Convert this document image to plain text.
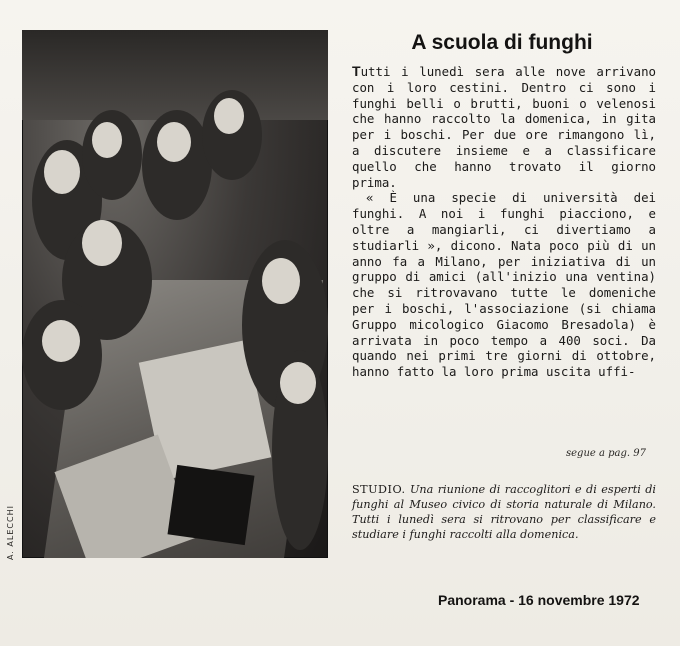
A. ALECCHI
A scuola di funghi

Tutti i lunedì sera alle nove arrivano con i loro cestini. Dentro ci sono i funghi belli o brutti, buoni o velenosi che hanno raccolto la domenica, in gita per i boschi. Per due ore rimangono lì, a discutere insieme e a classificare quello che hanno trovato il giorno prima.

« È una specie di università dei funghi. A noi i funghi piacciono, e oltre a mangiarli, ci divertiamo a studiarli », dicono. Nata poco più di un anno fa a Milano, per iniziativa di un gruppo di amici (all'inizio una ventina) che si ritrovavano tutte le domeniche per i boschi, l'associazione (si chiama Gruppo micologico Giacomo Bresadola) è arrivata in poco tempo a 400 soci. Da quando nei primi tre giorni di ottobre, hanno fatto la loro prima uscita uffi-

segue a pag. 97
STUDIO. Una riunione di raccoglitori e di esperti di funghi al Museo civico di storia naturale di Milano. Tutti i lunedì sera si ritrovano per classificare e studiare i funghi raccolti alla domenica.
Panorama - 16 novembre 1972
